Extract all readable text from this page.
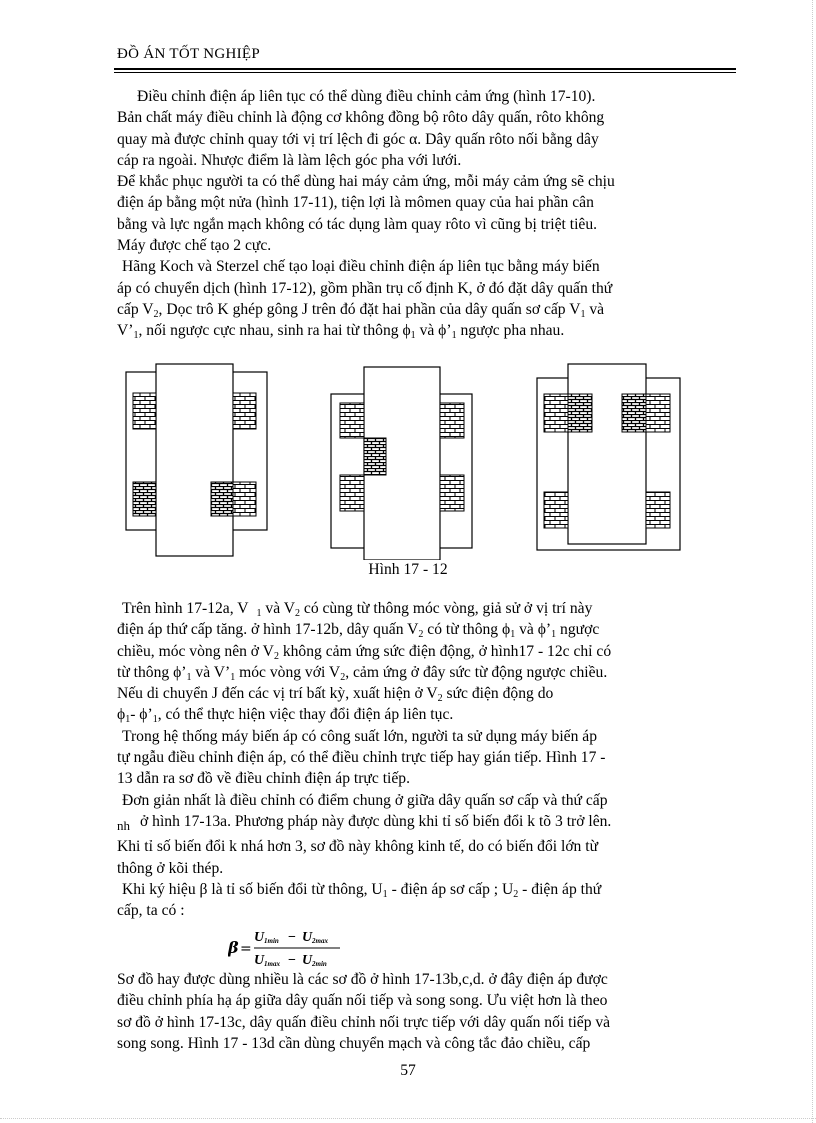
ĐỒ ÁN TỐT NGHIỆP

Điều chỉnh điện áp liên tục có thể dùng điều chỉnh cảm ứng (hình 17-10).

Bản chất máy điều chỉnh là động cơ không đồng bộ rôto dây quấn, rôto không

quay mà được chỉnh quay tới vị trí lệch đi góc α. Dây quấn rôto nối bằng dây

cáp ra ngoài. Nhược điểm là làm lệch góc pha với lưới.

Để khắc phục người ta có thể dùng hai máy cảm ứng, mỗi máy cảm ứng sẽ chịu

điện áp bằng một nửa (hình 17-11), tiện lợi là mômen quay của hai phần cân

bằng và lực ngắn mạch không có tác dụng làm quay rôto vì cũng bị triệt tiêu.

Máy được chế tạo 2 cực.

Hãng Koch và Sterzel chế tạo loại điều chỉnh điện áp liên tục bằng máy biến

áp có chuyển dịch (hình 17-12), gồm phần trụ cố định K, ở đó đặt dây quấn thứ

cấp $V_2$, Dọc trô K ghép gông J trên đó đặt hai phần của dây quấn sơ cấp $V_1$ và

$V’_1$, nối ngược cực nhau, sinh ra hai từ thông $\phi_1$ và $\phi’_1$ ngược pha nhau.

Hình 17 - 12

Trên hình 17-12a, V $_1$ và $V_2$ có cùng từ thông móc vòng, giả sử ở vị trí này

điện áp thứ cấp tăng. ở hình 17-12b, dây quấn $V_2$ có từ thông $\phi_1$ và $\phi’_1$ ngược

chiều, móc vòng nên ở $V_2$ không cảm ứng sức điện động, ở hình17 - 12c chỉ có

từ thông $\phi’_1$ và $V’_1$ móc vòng với $V_2$, cảm ứng ở đây sức từ động ngược chiều.

Nếu di chuyển J đến các vị trí bất kỳ, xuất hiện ở $V_2$ sức điện động do

$\phi_1-$ $\phi’_1$, có thể thực hiện việc thay đổi điện áp liên tục.

Trong hệ thống máy biến áp có công suất lớn, người ta sử dụng máy biến áp

tự ngẫu điều chỉnh điện áp, có thể điều chỉnh trực tiếp hay gián tiếp. Hình 17 -

13 dẫn ra sơ đồ về điều chỉnh điện áp trực tiếp.

Đơn giản nhất là điều chỉnh có điểm chung ở giữa dây quấn sơ cấp và thứ cấp

$_{nh}$ ở hình 17-13a. Phương pháp này được dùng khi tỉ số biến đổi k tõ 3 trở lên.

Khi tỉ số biến đổi k nhá hơn 3, sơ đồ này không kinh tế, do có biến đổi lớn từ

thông ở kõi thép.

Khi ký hiệu β là tỉ số biến đổi từ thông, $U_1$ - điện áp sơ cấp ; $U_2$ - điện áp thứ

cấp, ta có :

β =
U 1min − U 2max
U 1max − U 2min

Sơ đồ hay được dùng nhiều là các sơ đồ ở hình 17-13b,c,d. ở đây điện áp được

điều chỉnh phía hạ áp giữa dây quấn nối tiếp và song song. Ưu việt hơn là theo

sơ đồ ở hình 17-13c, dây quấn điều chỉnh nối trực tiếp với dây quấn nối tiếp và

song song. Hình 17 - 13d cần dùng chuyển mạch và công tắc đảo chiều, cấp

57
